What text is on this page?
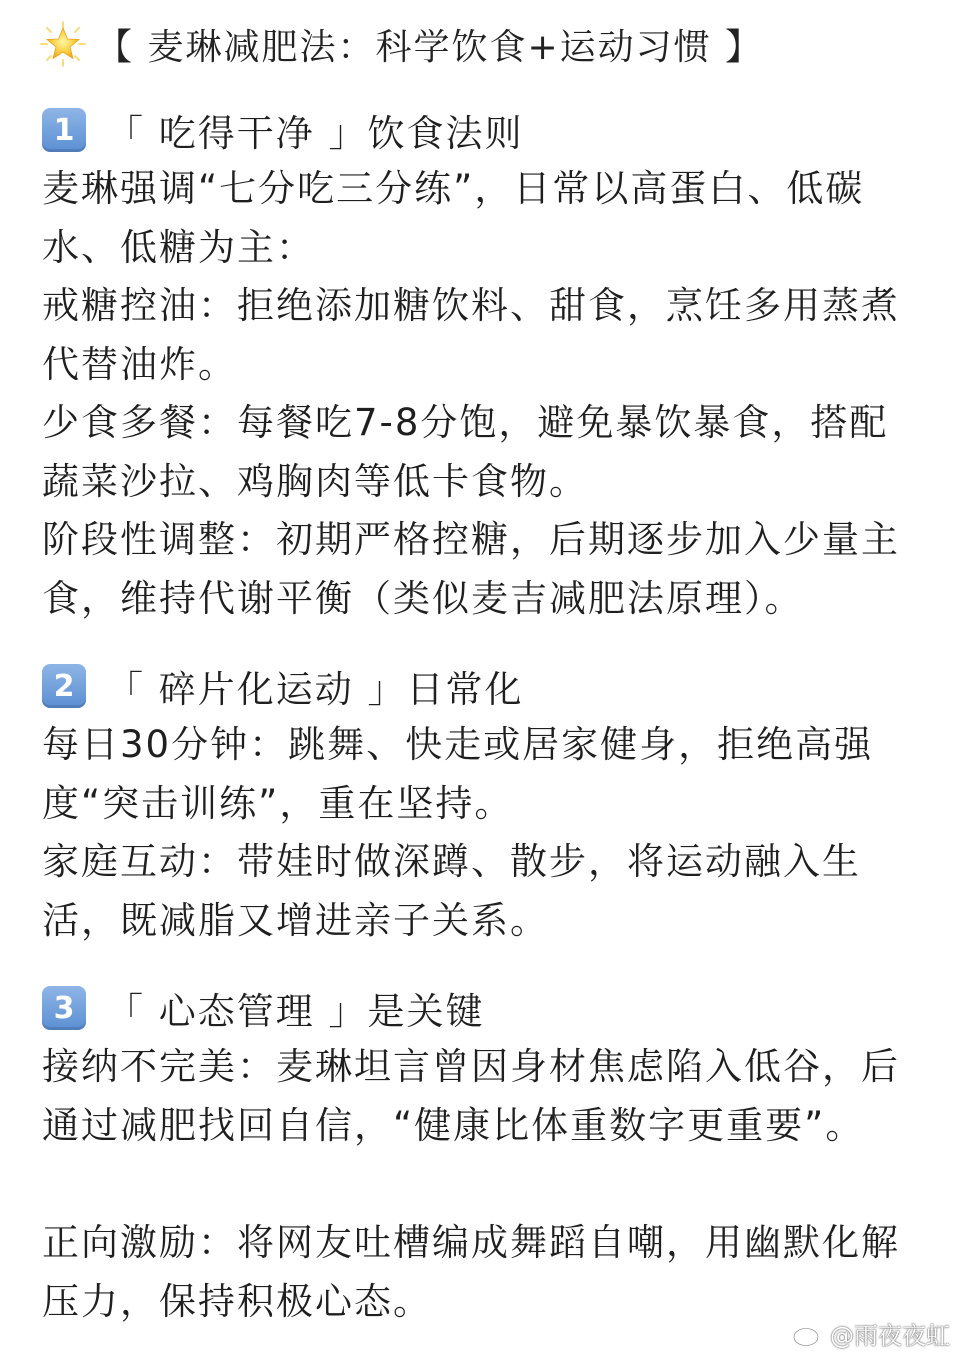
【 麦琳减肥法：科学饮食+运动习惯 】
1 「 吃得干净 」饮食法则

麦琳强调“七分吃三分练”，日常以高蛋白、低碳水、低糖为主：

戒糖控油：拒绝添加糖饮料、甜食，烹饪多用蒸煮代替油炸。

少食多餐：每餐吃7-8分饱，避免暴饮暴食，搭配蔬菜沙拉、鸡胸肉等低卡食物。

阶段性调整：初期严格控糖，后期逐步加入少量主食，维持代谢平衡（类似麦吉减肥法原理）。

2 「 碎片化运动 」日常化

每日30分钟：跳舞、快走或居家健身，拒绝高强度“突击训练”，重在坚持。

家庭互动：带娃时做深蹲、散步，将运动融入生活，既减脂又增进亲子关系。

3 「 心态管理 」是关键

接纳不完美：麦琳坦言曾因身材焦虑陷入低谷，后通过减肥找回自信，“健康比体重数字更重要”。

正向激励：将网友吐槽编成舞蹈自嘲，用幽默化解压力，保持积极心态。

@雨夜夜虹
